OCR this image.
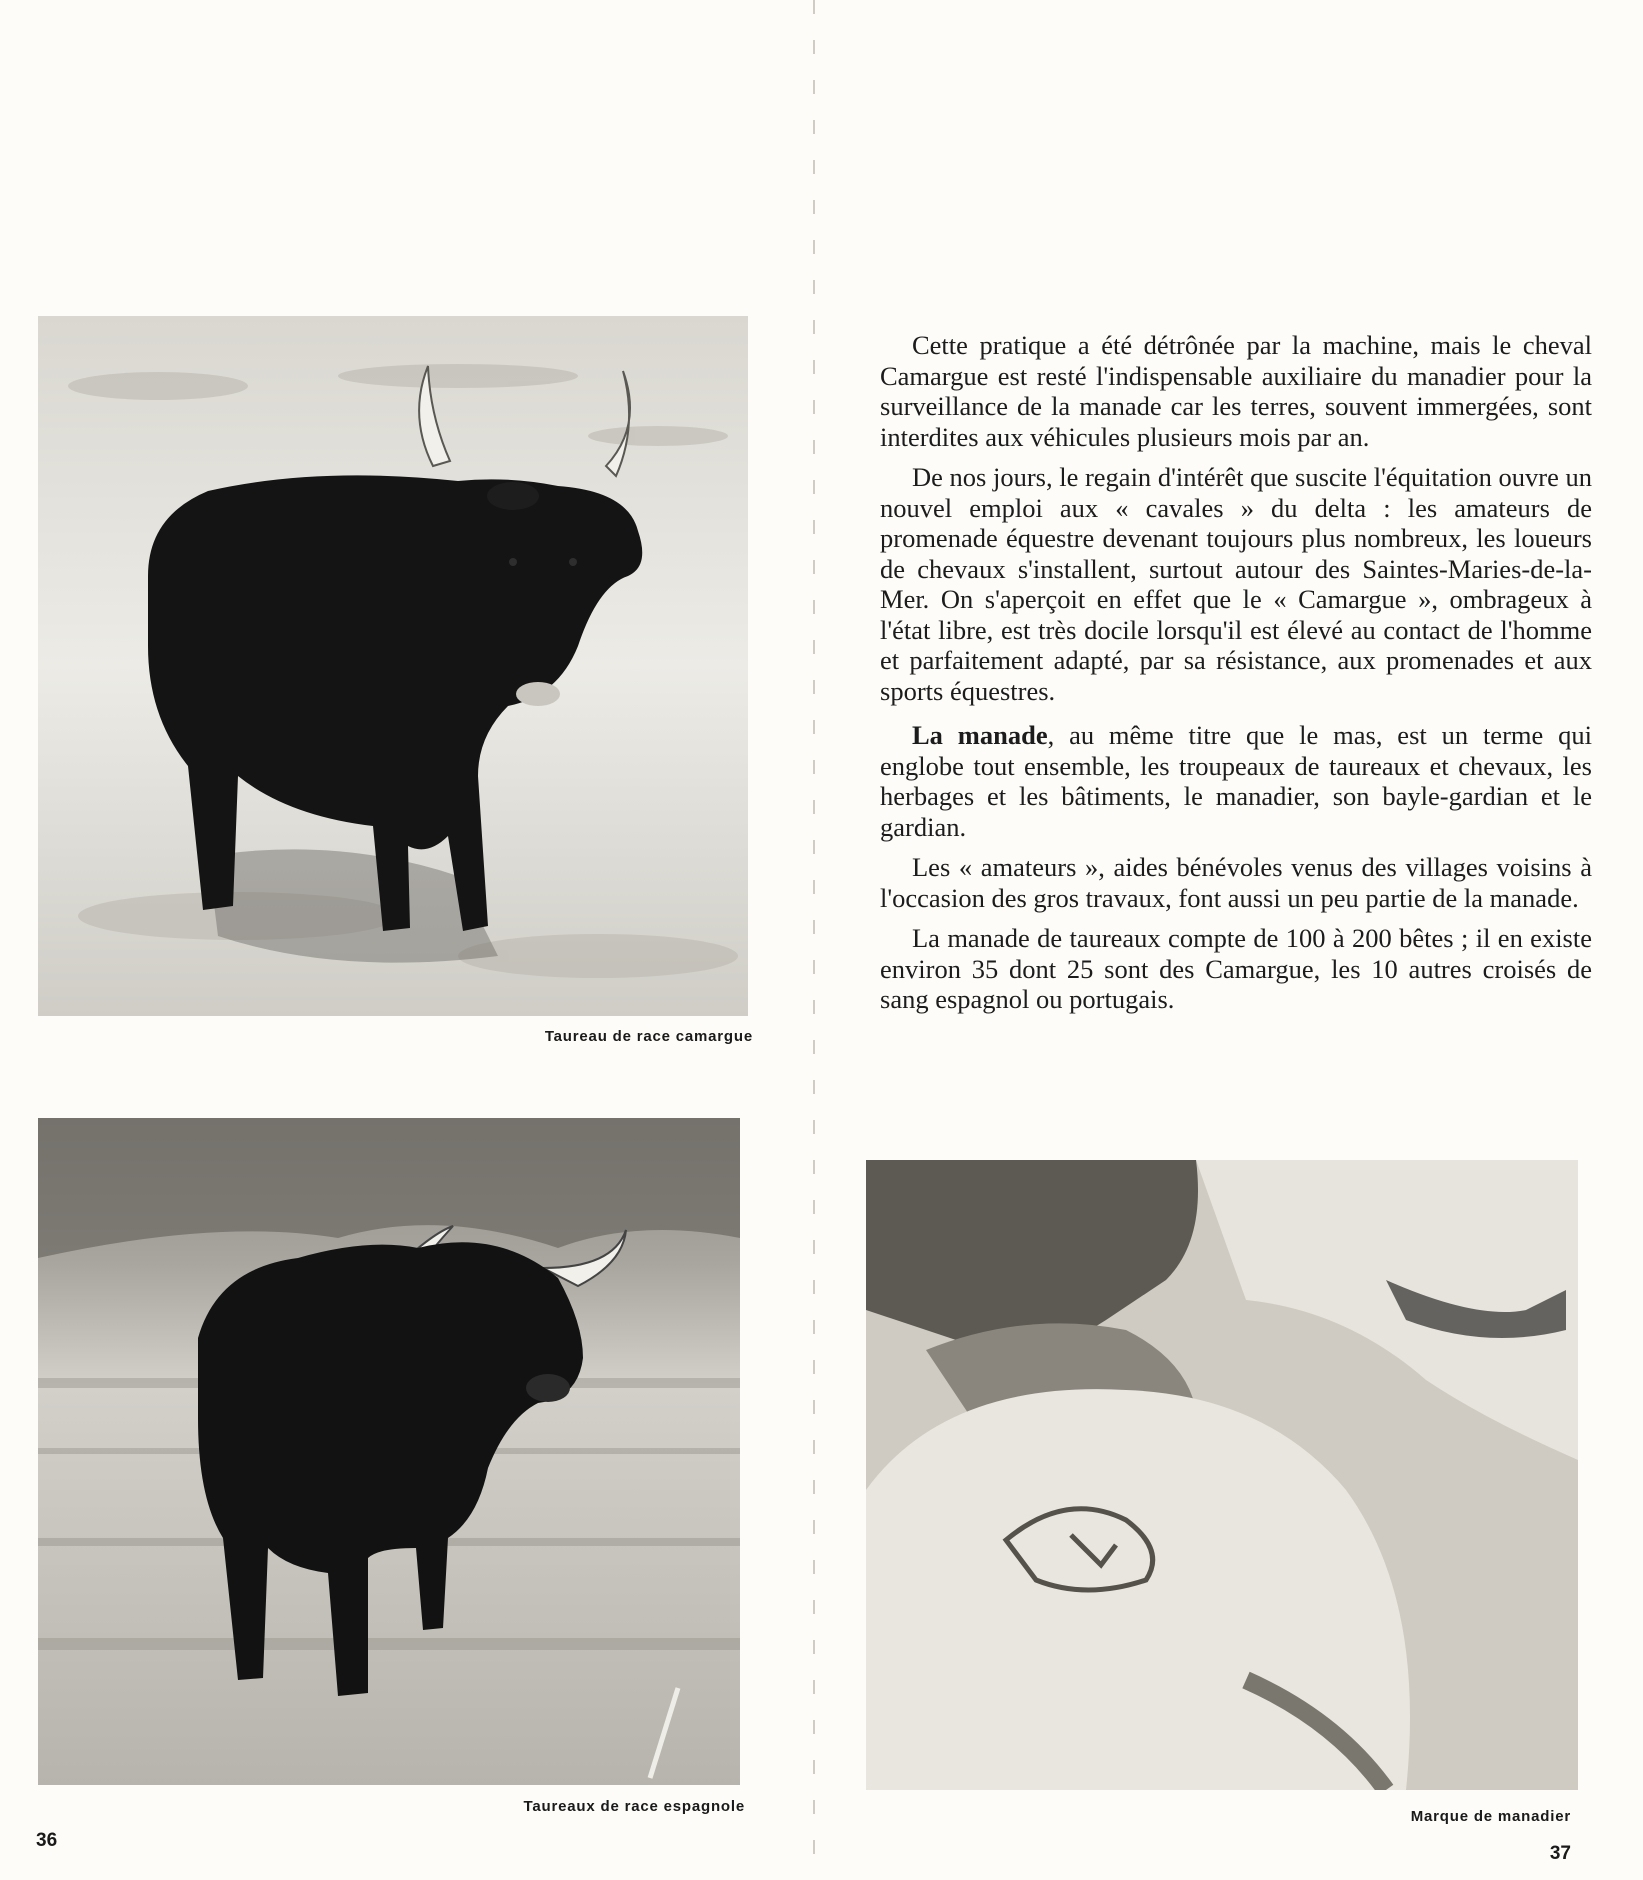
Taureau de race camargue
Taureaux de race espagnole
36

Cette pratique a été détrônée par la machine, mais le cheval Camargue est resté l'indispensable auxiliaire du manadier pour la surveillance de la manade car les terres, souvent immergées, sont interdites aux véhicules plusieurs mois par an.

De nos jours, le regain d'intérêt que suscite l'équitation ouvre un nouvel emploi aux « cavales » du delta : les amateurs de promenade équestre devenant toujours plus nombreux, les loueurs de chevaux s'installent, surtout autour des Saintes-Maries-de-la-Mer. On s'aperçoit en effet que le « Camargue », ombrageux à l'état libre, est très docile lorsqu'il est élevé au contact de l'homme et parfaitement adapté, par sa résistance, aux promenades et aux sports équestres.

La manade, au même titre que le mas, est un terme qui englobe tout ensemble, les troupeaux de taureaux et chevaux, les herbages et les bâtiments, le manadier, son bayle-gardian et le gardian.

Les « amateurs », aides bénévoles venus des villages voisins à l'occasion des gros travaux, font aussi un peu partie de la manade.

La manade de taureaux compte de 100 à 200 bêtes ; il en existe environ 35 dont 25 sont des Camargue, les 10 autres croisés de sang espagnol ou portugais.

Marque de manadier
37
